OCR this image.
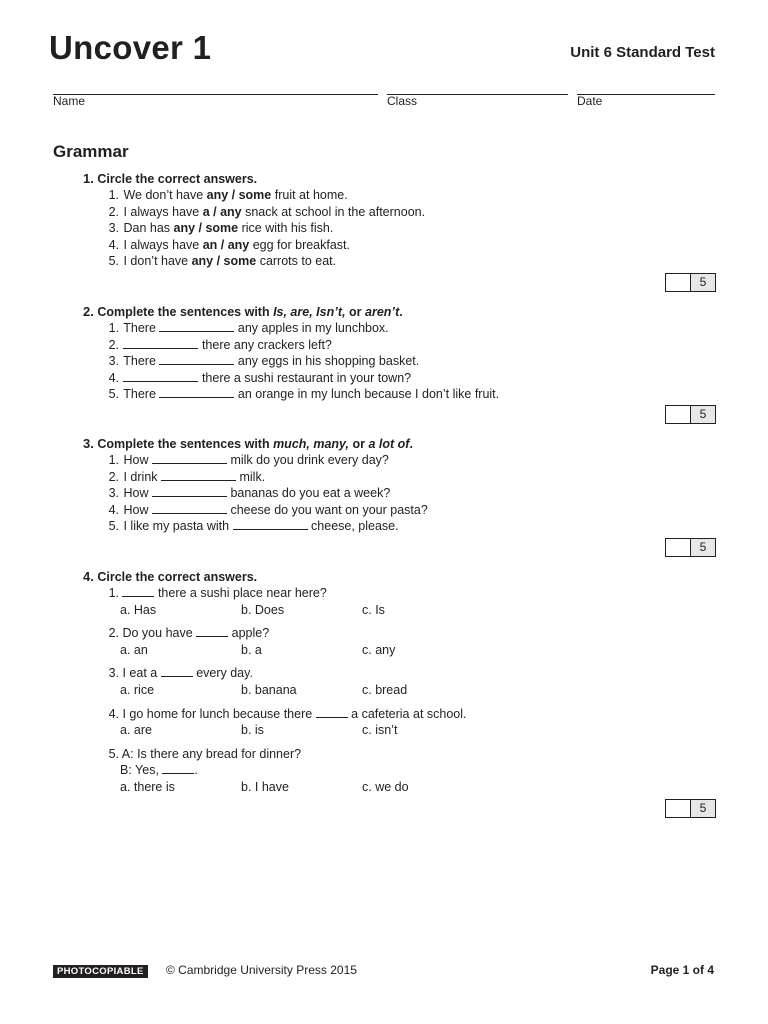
Uncover 1	Unit 6 Standard Test
Name	Class	Date
Grammar
1. Circle the correct answers.
1. We don’t have any / some fruit at home.
2. I always have a / any snack at school in the afternoon.
3. Dan has any / some rice with his fish.
4. I always have an / any egg for breakfast.
5. I don’t have any / some carrots to eat.
5
2. Complete the sentences with Is, are, Isn’t, or aren’t.
1. There	any apples in my lunchbox.
2.	there any crackers left?
3. There	any eggs in his shopping basket.
4.	there a sushi restaurant in your town?
5. There	an orange in my lunch because I don’t like fruit.
5
3. Complete the sentences with much, many, or a lot of.
1. How	milk do you drink every day?
2. I drink	milk.
3. How	bananas do you eat a week?
4. How	cheese do you want on your pasta?
5. I like my pasta with	cheese, please.
5
4. Circle the correct answers.
1.	there a sushi place near here?
a. Has	b. Does	c. Is
2. Do you have	apple?
a. an	b. a	c. any
3. I eat a	every day.
a. rice	b. banana	c. bread
4. I go home for lunch because there	a cafeteria at school.
a. are	b. is	c. isn’t
5. A: Is there any bread for dinner?
B: Yes,	.
a. there is	b. I have	c. we do
5
PHOTOCOPIABLE	© Cambridge University Press 2015	Page 1 of 4
